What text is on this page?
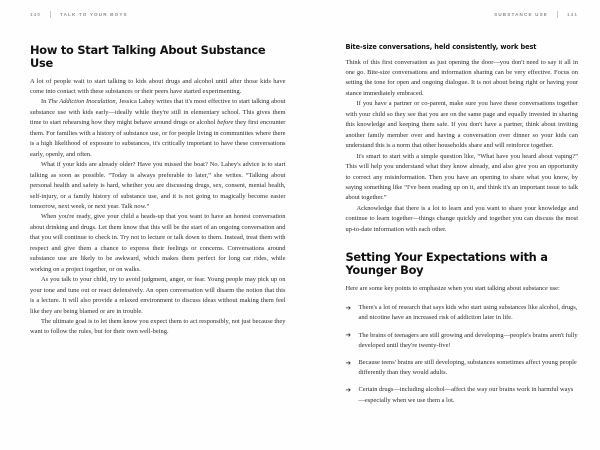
140	TALK TO YOUR BOYS	SUBSTANCE USE	141
How to Start Talking About Substance Use

A lot of people wait to start talking to kids about drugs and alcohol until after those kids have come into contact with these substances or their peers have started experimenting.

In The Addiction Inoculation, Jessica Lahey writes that it's most effective to start talking about substance use with kids early—ideally while they're still in elementary school. This gives them time to start rehearsing how they might behave around drugs or alcohol before they first encounter them. For families with a history of substance use, or for people living in communities where there is a high likelihood of exposure to substances, it's critically important to have these conversations early, openly, and often.

What if your kids are already older? Have you missed the boat? No. Lahey's advice is to start talking as soon as possible. “Today is always preferable to later,” she writes. “Talking about personal health and safety is hard, whether you are discussing drugs, sex, consent, mental health, self-injury, or a family history of substance use, and it is not going to magically become easier tomorrow, next week, or next year. Talk now.”

When you're ready, give your child a heads-up that you want to have an honest conversation about drinking and drugs. Let them know that this will be the start of an ongoing conversation and that you will continue to check in. Try not to lecture or talk down to them. Instead, treat them with respect and give them a chance to express their feelings or concerns. Conversations around substance use are likely to be awkward, which makes them perfect for long car rides, while working on a project together, or on walks.

As you talk to your child, try to avoid judgment, anger, or fear. Young people may pick up on your tone and tune out or react defensively. An open conversation will disarm the notion that this is a lecture. It will also provide a relaxed environment to discuss ideas without making them feel like they are being blamed or are in trouble.

The ultimate goal is to let them know you expect them to act responsibly, not just because they want to follow the rules, but for their own well-being.

Bite-size conversations, held consistently, work best

Think of this first conversation as just opening the door—you don't need to say it all in one go. Bite-size conversations and information sharing can be very effective. Focus on setting the tone for open and ongoing dialogue. It is not about being right or having your stance immediately embraced.

If you have a partner or co-parent, make sure you have these conversations together with your child so they see that you are on the same page and equally invested in sharing this knowledge and keeping them safe. If you don't have a partner, think about inviting another family member over and having a conversation over dinner so your kids can understand this is a norm that other households share and will reinforce together.

It's smart to start with a simple question like, “What have you heard about vaping?” This will help you understand what they know already, and also give you an opportunity to correct any misinformation. Then you have an opening to share what you know, by saying something like “I've been reading up on it, and think it's an important issue to talk about together.”

Acknowledge that there is a lot to learn and you want to share your knowledge and continue to learn together—things change quickly and together you can discuss the most up-to-date information with each other.

Setting Your Expectations with a Younger Boy

Here are some key points to emphasize when you start talking about substance use:

➔ There's a lot of research that says kids who start using substances like alcohol, drugs, and nicotine have an increased risk of addiction later in life.
➔ The brains of teenagers are still growing and developing—people's brains aren't fully developed until they're twenty-five!
➔ Because teens' brains are still developing, substances sometimes affect young people differently than they would adults.
➔ Certain drugs—including alcohol—affect the way our brains work in harmful ways—especially when we use them a lot.
